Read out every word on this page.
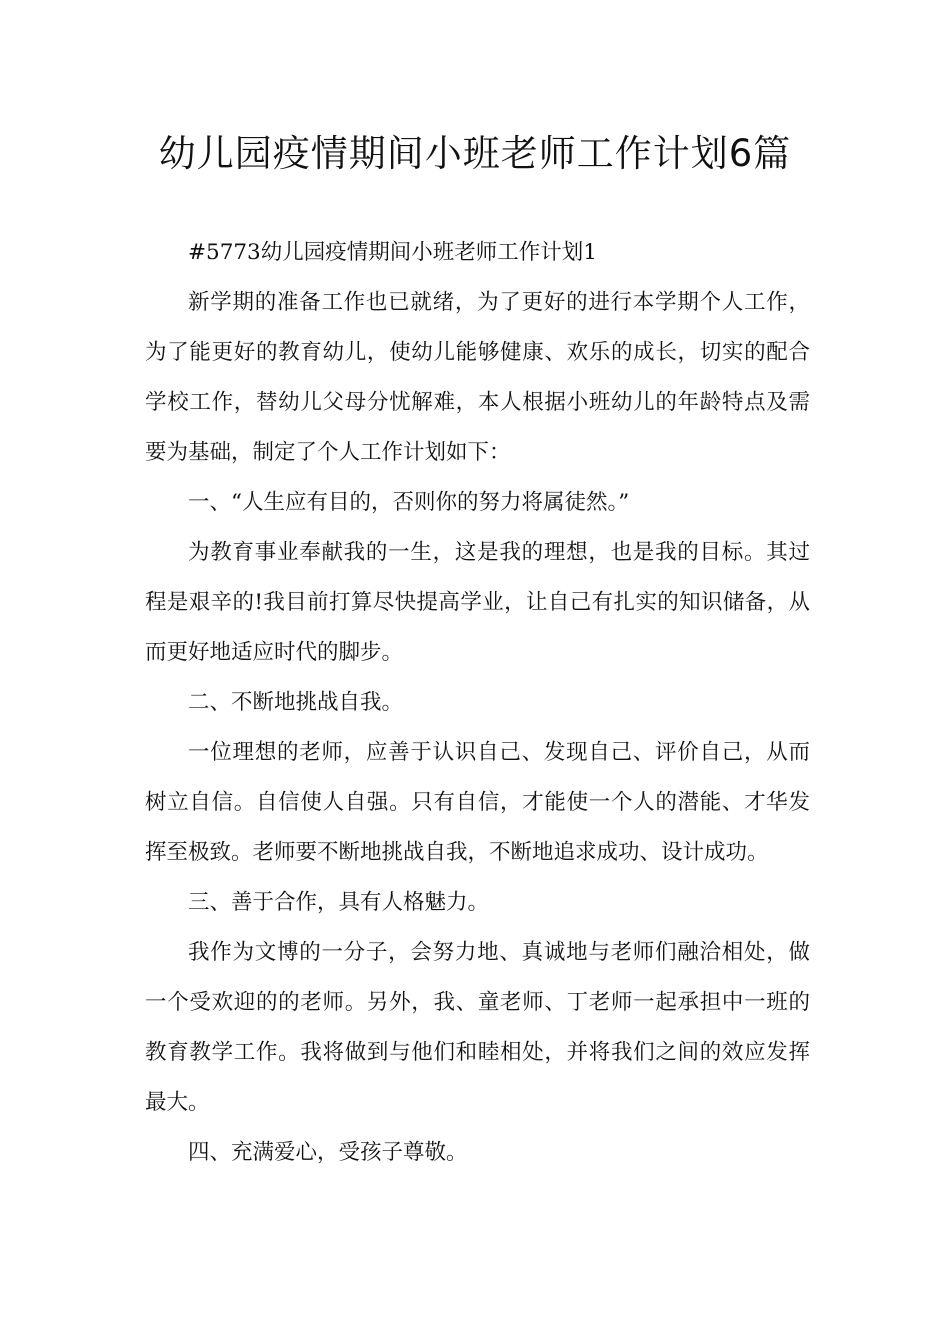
幼儿园疫情期间小班老师工作计划6篇

#5773幼儿园疫情期间小班老师工作计划1

新学期的准备工作也已就绪，为了更好的进行本学期个人工作，为了能更好的教育幼儿，使幼儿能够健康、欢乐的成长，切实的配合学校工作，替幼儿父母分忧解难，本人根据小班幼儿的年龄特点及需要为基础，制定了个人工作计划如下：

一、“人生应有目的，否则你的努力将属徒然。”

为教育事业奉献我的一生，这是我的理想，也是我的目标。其过程是艰辛的!我目前打算尽快提高学业，让自己有扎实的知识储备，从而更好地适应时代的脚步。

二、不断地挑战自我。

一位理想的老师，应善于认识自己、发现自己、评价自己，从而树立自信。自信使人自强。只有自信，才能使一个人的潜能、才华发挥至极致。老师要不断地挑战自我，不断地追求成功、设计成功。

三、善于合作，具有人格魅力。

我作为文博的一分子，会努力地、真诚地与老师们融洽相处，做一个受欢迎的的老师。另外，我、童老师、丁老师一起承担中一班的教育教学工作。我将做到与他们和睦相处，并将我们之间的效应发挥最大。

四、充满爱心，受孩子尊敬。
